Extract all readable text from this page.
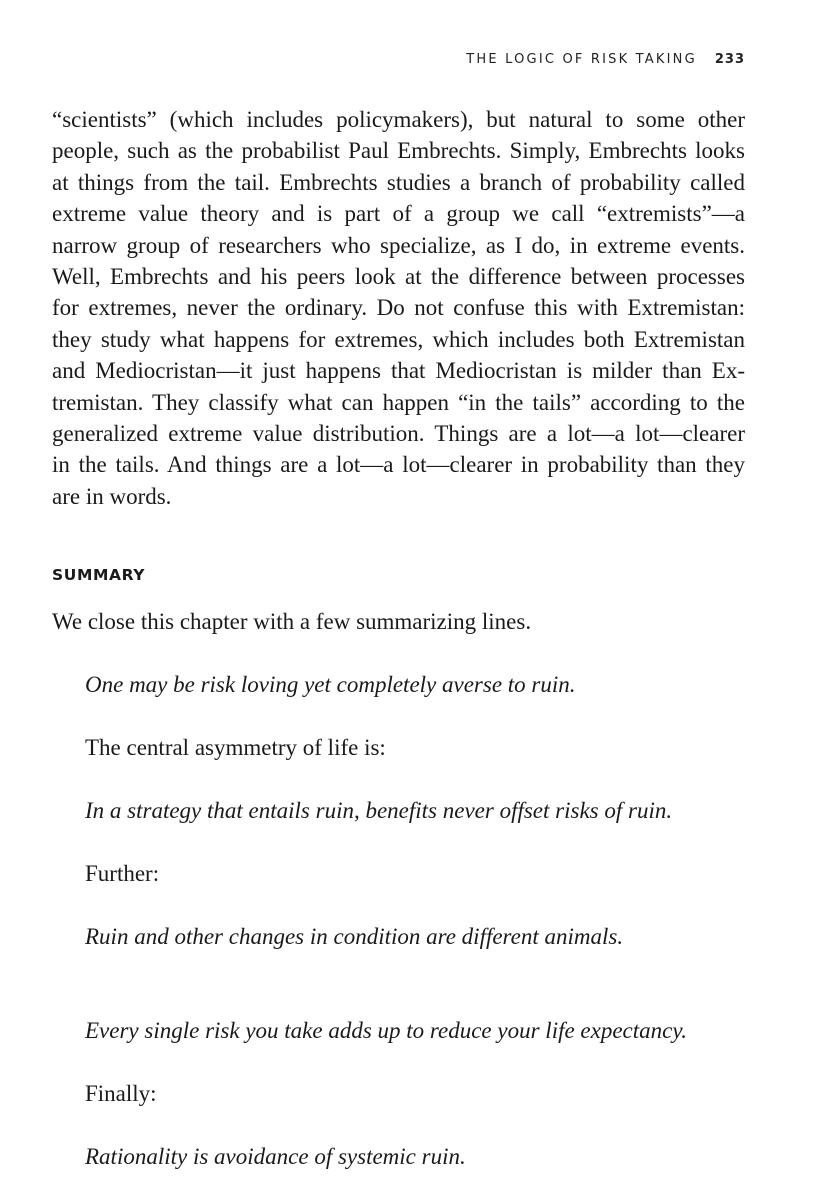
THE LOGIC OF RISK TAKING 233
“scientists” (which includes policymakers), but natural to some other
people, such as the probabilist Paul Embrechts. Simply, Embrechts looks
at things from the tail. Embrechts studies a branch of probability called
extreme value theory and is part of a group we call “extremists”—a
narrow group of researchers who specialize, as I do, in extreme events.
Well, Embrechts and his peers look at the difference between processes
for extremes, never the ordinary. Do not confuse this with Extremistan:
they study what happens for extremes, which includes both Extremistan
and Mediocristan—it just happens that Mediocristan is milder than Ex-
tremistan. They classify what can happen “in the tails” according to the
generalized extreme value distribution. Things are a lot—a lot—clearer
in the tails. And things are a lot—a lot—clearer in probability than they
are in words.
SUMMARY
We close this chapter with a few summarizing lines.
One may be risk loving yet completely averse to ruin.
The central asymmetry of life is:
In a strategy that entails ruin, benefits never offset risks of ruin.
Further:
Ruin and other changes in condition are different animals.
Every single risk you take adds up to reduce your life expectancy.
Finally:
Rationality is avoidance of systemic ruin.
